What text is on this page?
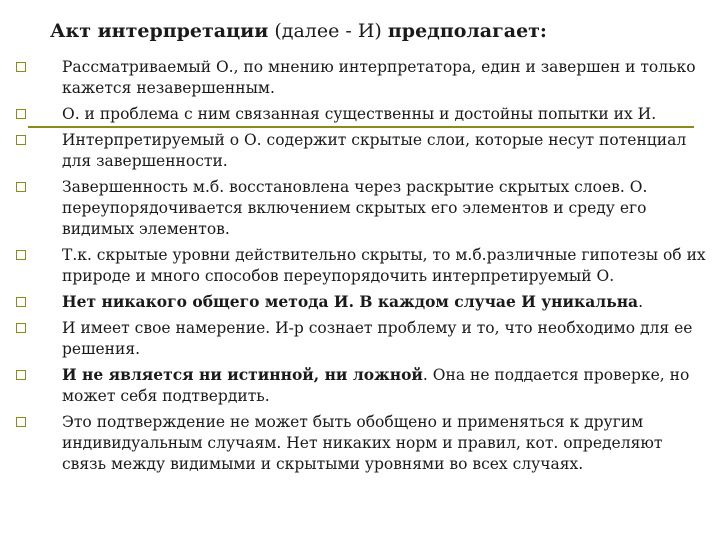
Акт интерпретации (далее - И) предполагает:
Рассматриваемый О., по мнению интерпретатора, един и завершен и только кажется незавершенным.
О. и проблема с ним связанная существенны и достойны попытки их И.
Интерпретируемый о О. содержит скрытые слои, которые несут потенциал для завершенности.
Завершенность м.б. восстановлена через раскрытие скрытых слоев. О. переупорядочивается включением скрытых его элементов и среду его видимых элементов.
Т.к. скрытые уровни действительно скрыты, то м.б.различные гипотезы об их природе и много способов переупорядочить интерпретируемый О.
Нет никакого общего метода И. В каждом случае И уникальна.
И имеет свое намерение. И-р сознает проблему и то, что необходимо для ее решения.
И не является ни истинной, ни ложной. Она не поддается проверке, но может себя подтвердить.
Это подтверждение не может быть обобщено и применяться к другим индивидуальным случаям. Нет никаких норм и правил, кот. определяют связь между видимыми и скрытыми уровнями во всех случаях.
